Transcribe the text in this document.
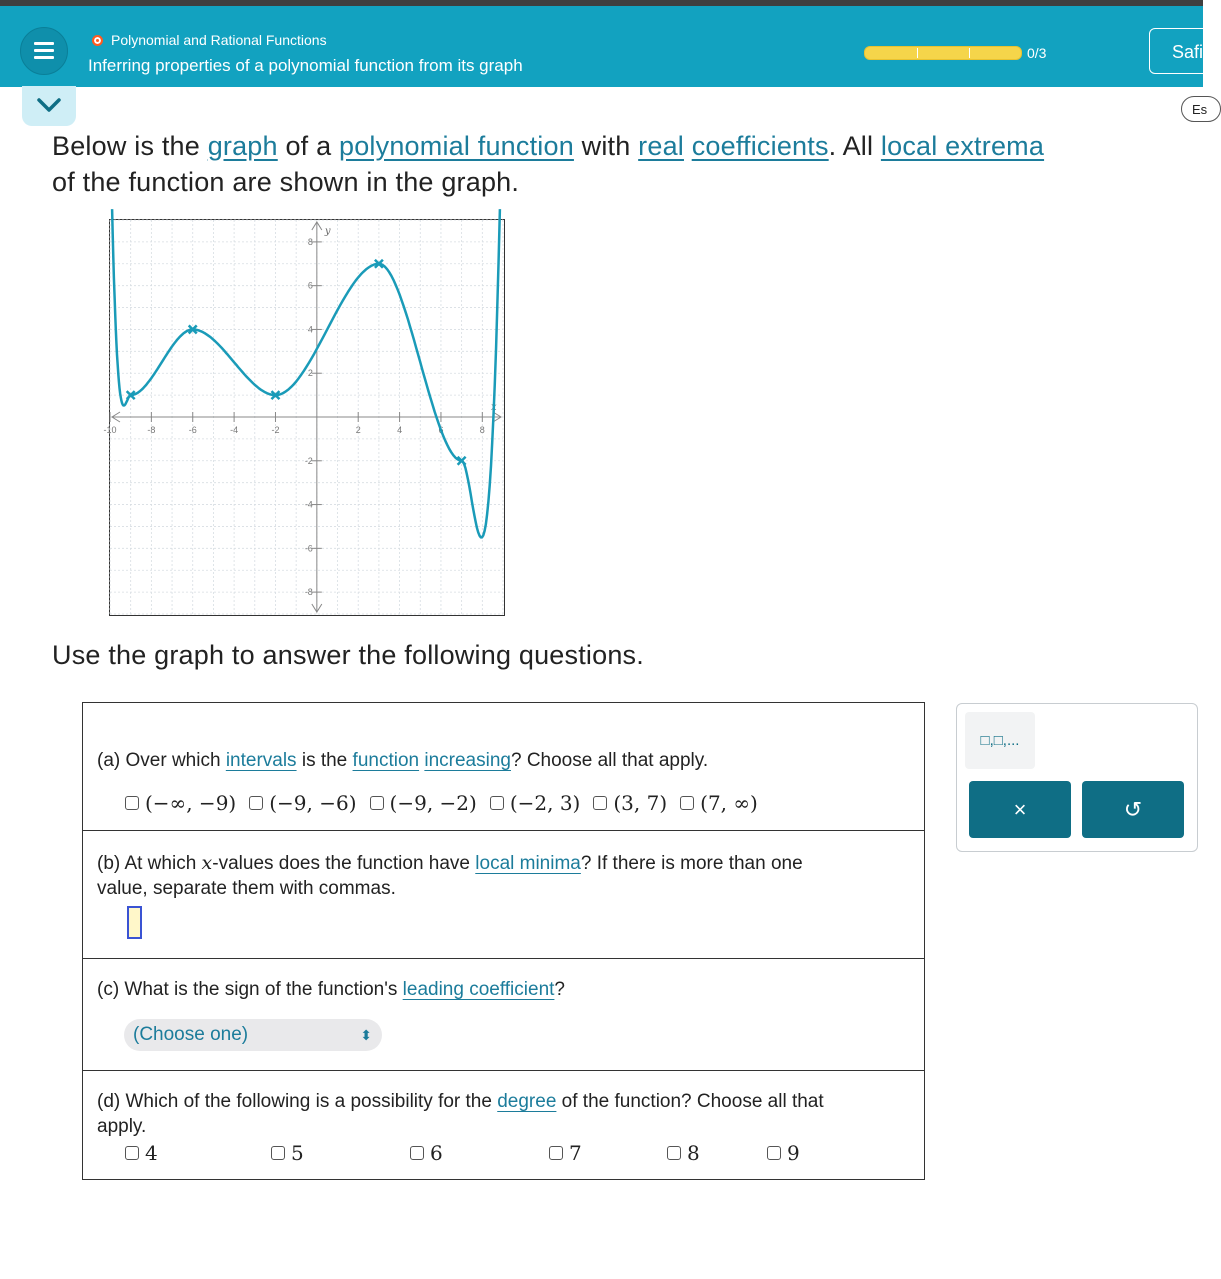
Polynomial and Rational Functions
Inferring properties of a polynomial function from its graph
0/3	Safi
Es
Below is the graph of a polynomial function with real coefficients. All local extrema
of the function are shown in the graph.
-10	-8	-6	-4	-2	2	4	6	8
8
6
4
2
-2
-4
-6
-8
x
y
Use the graph to answer the following questions.
(a) Over which intervals is the function increasing? Choose all that apply.
(−∞, −9) (−9, −6) (−9, −2) (−2, 3) (3, 7) (7, ∞)
(b) At which x-values does the function have local minima? If there is more than one
value, separate them with commas.
(c) What is the sign of the function's leading coefficient?
(d) Which of the following is a possibility for the degree of the function? Choose all that
apply.
4	5	6	7	8	9
(Choose one)	⬍
□,□,...
×	↺
